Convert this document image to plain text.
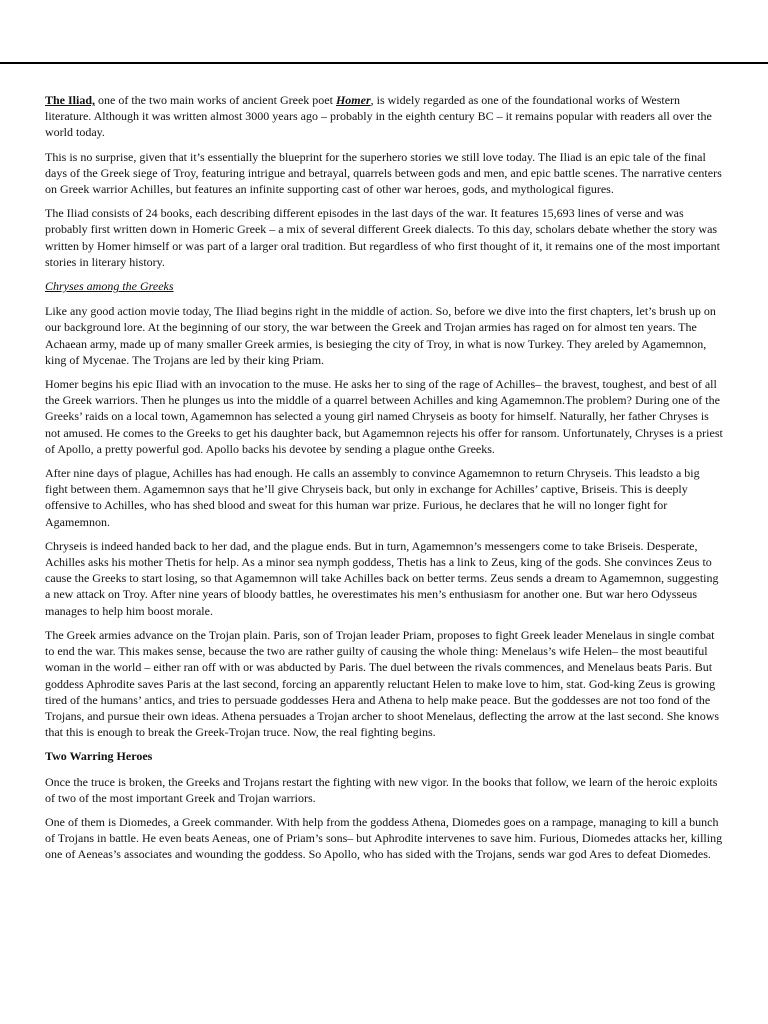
The Iliad, one of the two main works of ancient Greek poet Homer, is widely regarded as one of the foundational works of Western literature. Although it was written almost 3000 years ago – probably in the eighth century BC – it remains popular with readers all over the world today.

This is no surprise, given that it’s essentially the blueprint for the superhero stories we still love today. The Iliad is an epic tale of the final days of the Greek siege of Troy, featuring intrigue and betrayal, quarrels between gods and men, and epic battle scenes. The narrative centers on Greek warrior Achilles, but features an infinite supporting cast of other war heroes, gods, and mythological figures.

The Iliad consists of 24 books, each describing different episodes in the last days of the war. It features 15,693 lines of verse and was probably first written down in Homeric Greek – a mix of several different Greek dialects. To this day, scholars debate whether the story was written by Homer himself or was part of a larger oral tradition. But regardless of who first thought of it, it remains one of the most important stories in literary history.

Chryses among the Greeks

Like any good action movie today, The Iliad begins right in the middle of action. So, before we dive into the first chapters, let’s brush up on our background lore. At the beginning of our story, the war between the Greek and Trojan armies has raged on for almost ten years. The Achaean army, made up of many smaller Greek armies, is besieging the city of Troy, in what is now Turkey. They areled by Agamemnon, king of Mycenae. The Trojans are led by their king Priam.

Homer begins his epic Iliad with an invocation to the muse. He asks her to sing of the rage of Achilles– the bravest, toughest, and best of all the Greek warriors. Then he plunges us into the middle of a quarrel between Achilles and king Agamemnon.The problem? During one of the Greeks’ raids on a local town, Agamemnon has selected a young girl named Chryseis as booty for himself. Naturally, her father Chryses is not amused. He comes to the Greeks to get his daughter back, but Agamemnon rejects his offer for ransom. Unfortunately, Chryses is a priest of Apollo, a pretty powerful god. Apollo backs his devotee by sending a plague onthe Greeks.

After nine days of plague, Achilles has had enough. He calls an assembly to convince Agamemnon to return Chryseis. This leadsto a big fight between them. Agamemnon says that he’ll give Chryseis back, but only in exchange for Achilles’ captive, Briseis. This is deeply offensive to Achilles, who has shed blood and sweat for this human war prize. Furious, he declares that he will no longer fight for Agamemnon.

Chryseis is indeed handed back to her dad, and the plague ends. But in turn, Agamemnon’s messengers come to take Briseis. Desperate, Achilles asks his mother Thetis for help. As a minor sea nymph goddess, Thetis has a link to Zeus, king of the gods. She convinces Zeus to cause the Greeks to start losing, so that Agamemnon will take Achilles back on better terms. Zeus sends a dream to Agamemnon, suggesting a new attack on Troy. After nine years of bloody battles, he overestimates his men’s enthusiasm for another one. But war hero Odysseus manages to help him boost morale.

The Greek armies advance on the Trojan plain. Paris, son of Trojan leader Priam, proposes to fight Greek leader Menelaus in single combat to end the war. This makes sense, because the two are rather guilty of causing the whole thing: Menelaus’s wife Helen– the most beautiful woman in the world – either ran off with or was abducted by Paris. The duel between the rivals commences, and Menelaus beats Paris. But goddess Aphrodite saves Paris at the last second, forcing an apparently reluctant Helen to make love to him, stat. God-king Zeus is growing tired of the humans’ antics, and tries to persuade goddesses Hera and Athena to help make peace. But the goddesses are not too fond of the Trojans, and pursue their own ideas. Athena persuades a Trojan archer to shoot Menelaus, deflecting the arrow at the last second. She knows that this is enough to break the Greek-Trojan truce. Now, the real fighting begins.

Two Warring Heroes

Once the truce is broken, the Greeks and Trojans restart the fighting with new vigor. In the books that follow, we learn of the heroic exploits of two of the most important Greek and Trojan warriors.

One of them is Diomedes, a Greek commander. With help from the goddess Athena, Diomedes goes on a rampage, managing to kill a bunch of Trojans in battle. He even beats Aeneas, one of Priam’s sons– but Aphrodite intervenes to save him. Furious, Diomedes attacks her, killing one of Aeneas’s associates and wounding the goddess. So Apollo, who has sided with the Trojans, sends war god Ares to defeat Diomedes.
